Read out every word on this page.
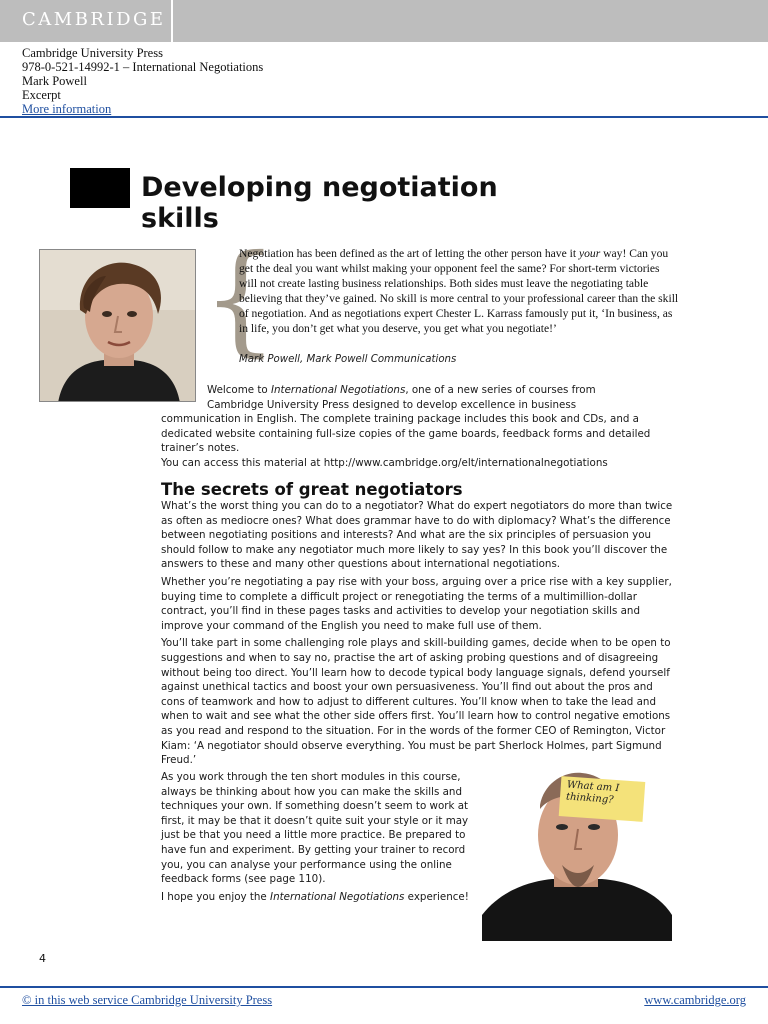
CAMBRIDGE
Cambridge University Press
978-0-521-14992-1 – International Negotiations
Mark Powell
Excerpt
More information
Developing negotiation
skills
{
Negotiation has been defined as the art of letting the other person have it your way! Can you get the deal you want whilst making your opponent feel the same? For short-term victories will not create lasting business relationships. Both sides must leave the negotiating table believing that they’ve gained. No skill is more central to your professional career than the skill of negotiation. And as negotiations expert Chester L. Karrass famously put it, ‘In business, as in life, you don’t get what you deserve, you get what you negotiate!’
Mark Powell, Mark Powell Communications

Welcome to International Negotiations, one of a new series of courses from
Cambridge University Press designed to develop excellence in business
communication in English. The complete training package includes this book and CDs, and a dedicated website containing full-size copies of the game boards, feedback forms and detailed trainer’s notes.

You can access this material at http://www.cambridge.org/elt/internationalnegotiations

The secrets of great negotiators

What’s the worst thing you can do to a negotiator? What do expert negotiators do more than twice as often as mediocre ones? What does grammar have to do with diplomacy? What’s the difference between negotiating positions and interests? And what are the six principles of persuasion you should follow to make any negotiator much more likely to say yes? In this book you’ll discover the answers to these and many other questions about international negotiations.

Whether you’re negotiating a pay rise with your boss, arguing over a price rise with a key supplier, buying time to complete a difficult project or renegotiating the terms of a multimillion-dollar contract, you’ll find in these pages tasks and activities to develop your negotiation skills and improve your command of the English you need to make full use of them.

You’ll take part in some challenging role plays and skill-building games, decide when to be open to suggestions and when to say no, practise the art of asking probing questions and of disagreeing without being too direct. You’ll learn how to decode typical body language signals, defend yourself against unethical tactics and boost your own persuasiveness. You’ll find out about the pros and cons of teamwork and how to adjust to different cultures. You’ll know when to take the lead and when to wait and see what the other side offers first. You’ll learn how to control negative emotions as you read and respond to the situation. For in the words of the former CEO of Remington, Victor Kiam: ‘A negotiator should observe everything. You must be part Sherlock Holmes, part Sigmund Freud.’

As you work through the ten short modules in this course, always be thinking about how you can make the skills and techniques your own. If something doesn’t seem to work at first, it may be that it doesn’t quite suit your style or it may just be that you need a little more practice. Be prepared to have fun and experiment. By getting your trainer to record you, you can analyse your performance using the online feedback forms (see page 110).

I hope you enjoy the International Negotiations experience!

What am I thinking?
4
© in this web service Cambridge University Press	www.cambridge.org
